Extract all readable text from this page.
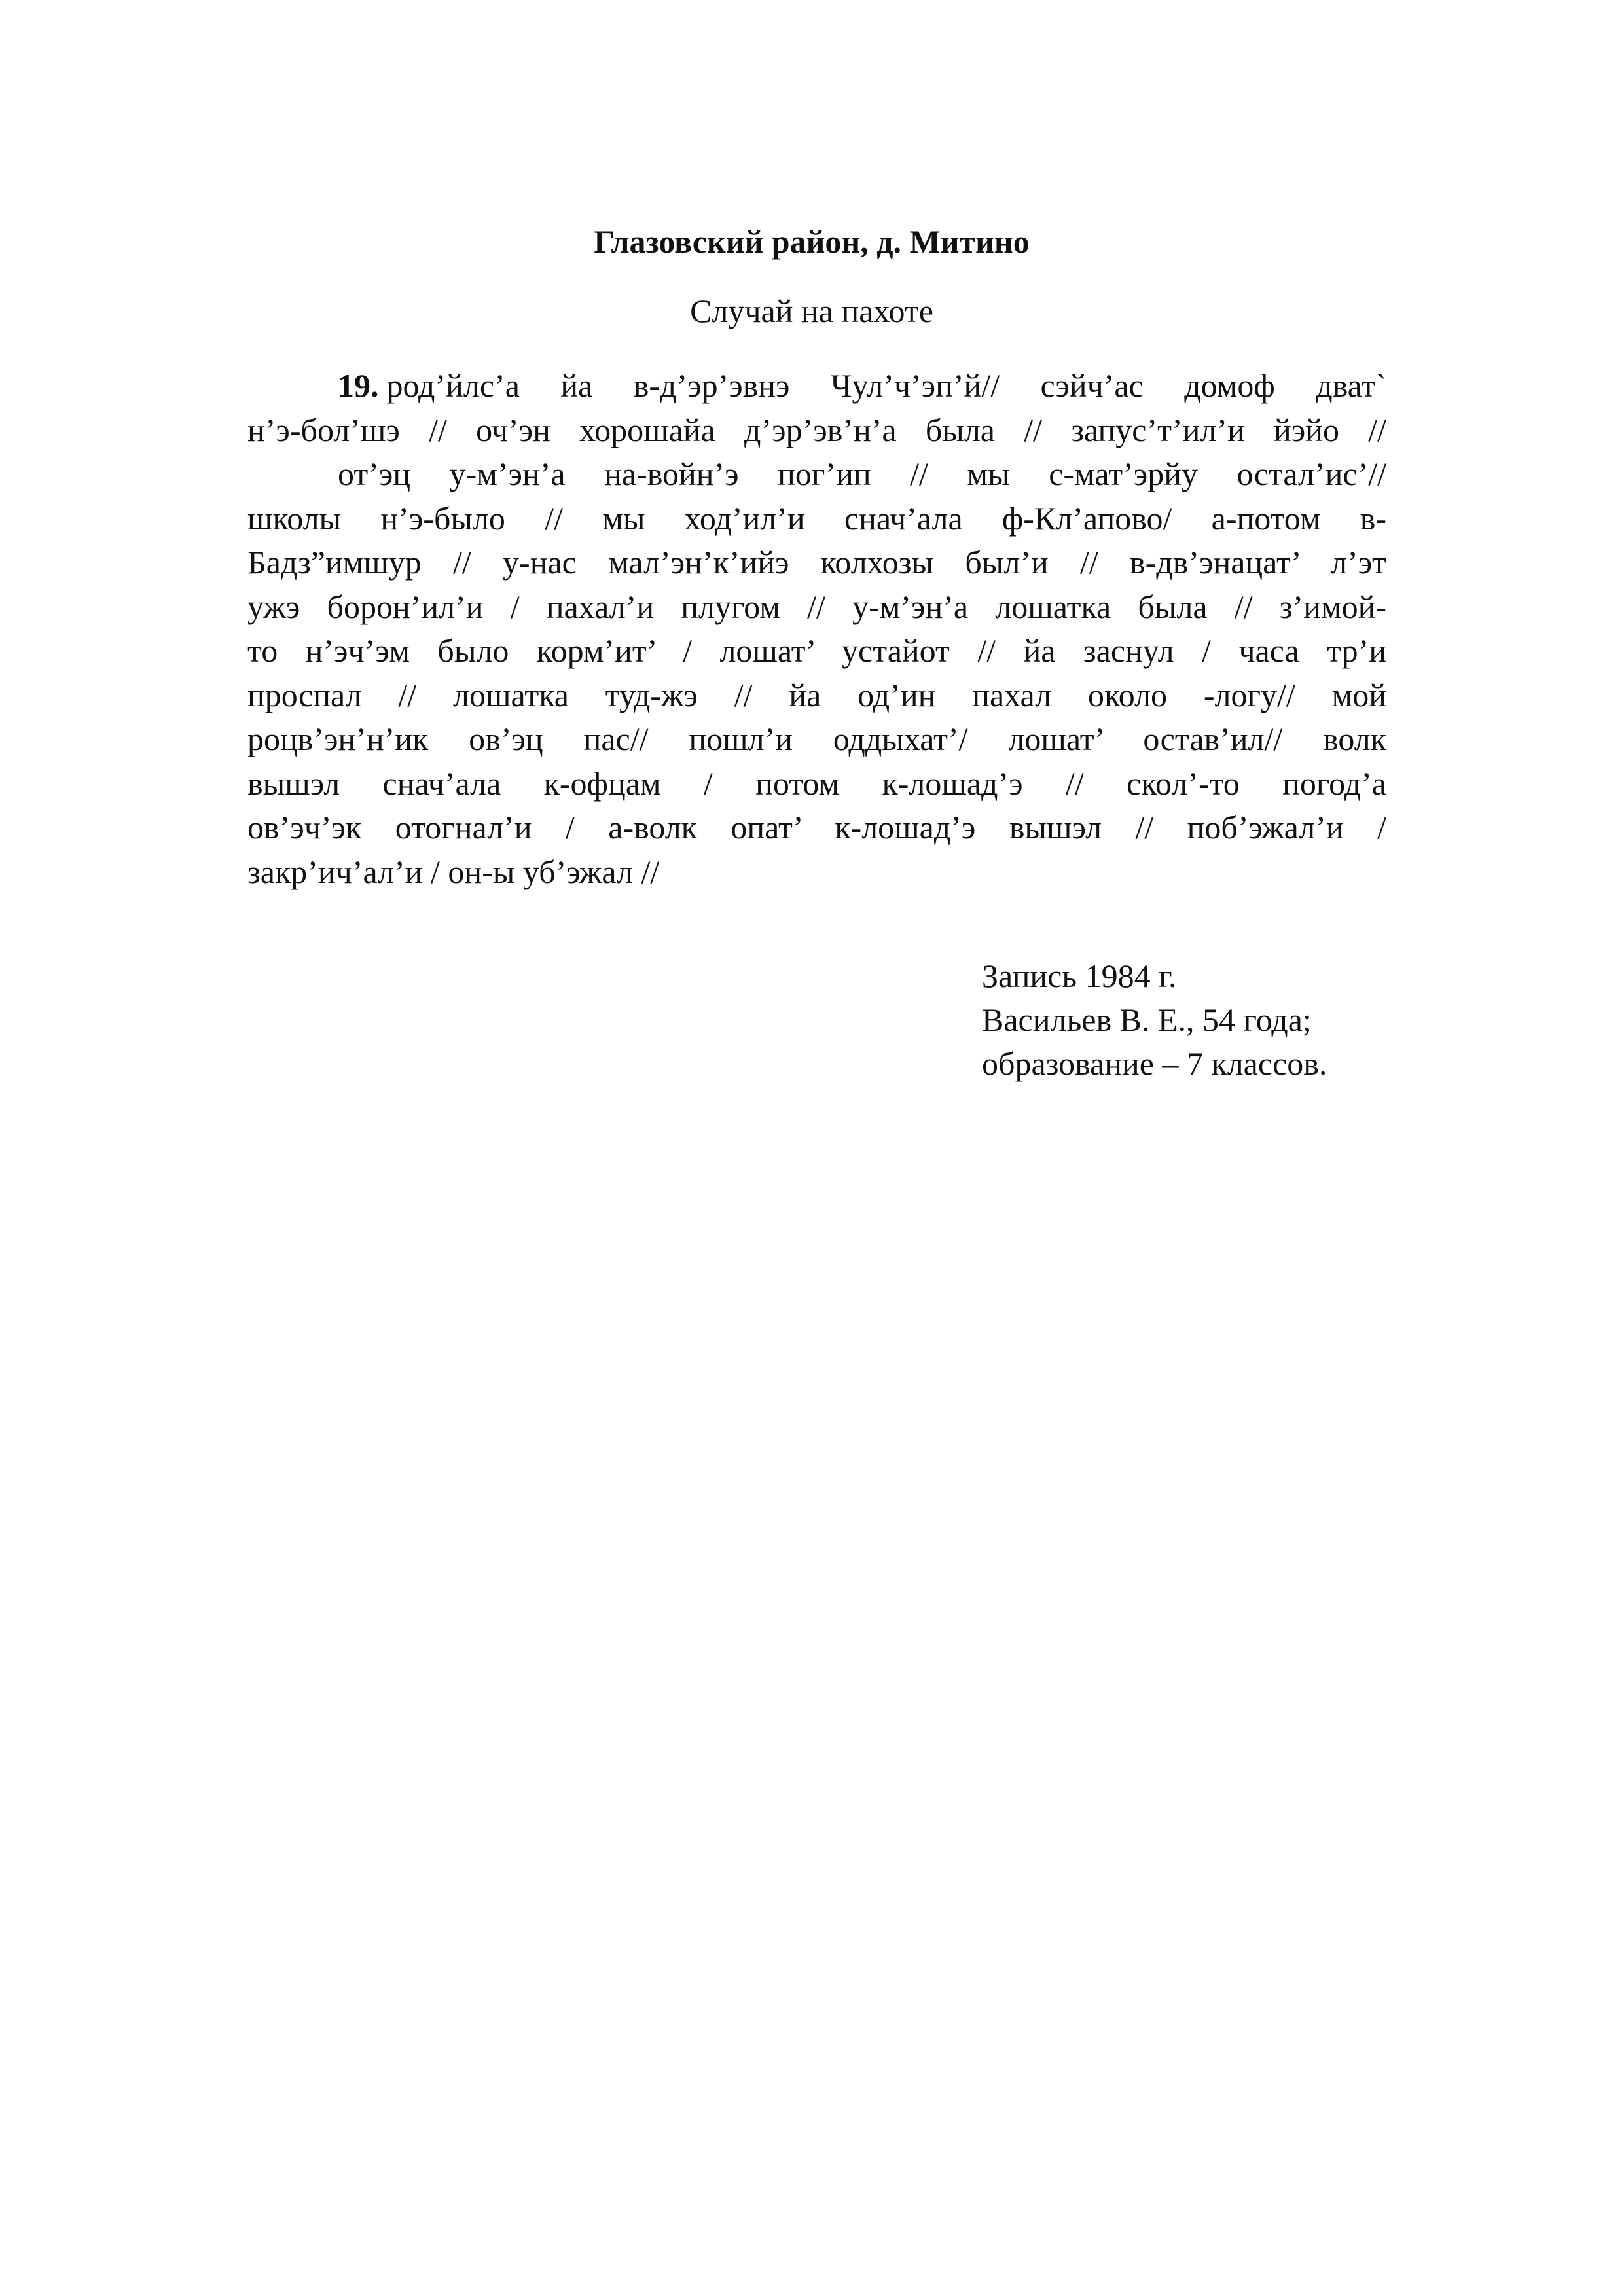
Глазовский район, д. Митино
Случай на пахоте
19. род’йлс’а йа в-д’эр’эвнэ Чул’ч’эп’й// сэйч’ас домоф дват`
н’э-бол’шэ // оч’эн хорошайа д’эр’эв’н’а была // запус’т’ил’и йэйо //
от’эц у-м’эн’а на-войн’э пог’ип // мы с-мат’эрйу остал’ис’//
школы н’э-было // мы ход’ил’и снач’ала ф-Кл’апово/ а-потом в-
Бадз”имшур // у-нас мал’эн’к’ийэ колхозы был’и // в-дв’энацат’ л’эт
ужэ борон’ил’и / пахал’и плугом // у-м’эн’а лошатка была // з’имой-
то н’эч’эм было корм’ит’ / лошат’ устайот // йа заснул / часа тр’и
проспал // лошатка туд-жэ // йа од’ин пахал около -логу// мой
роцв’эн’н’ик ов’эц пас// пошл’и оддыхат’/ лошат’ остав’ил// волк
вышэл снач’ала к-офцам / потом к-лошад’э // скол’-то погод’а
ов’эч’эк отогнал’и / а-волк опат’ к-лошад’э вышэл // поб’эжал’и /
закр’ич’ал’и / он-ы уб’эжал //
Запись 1984 г.
Васильев В. Е., 54 года;
образование – 7 классов.
